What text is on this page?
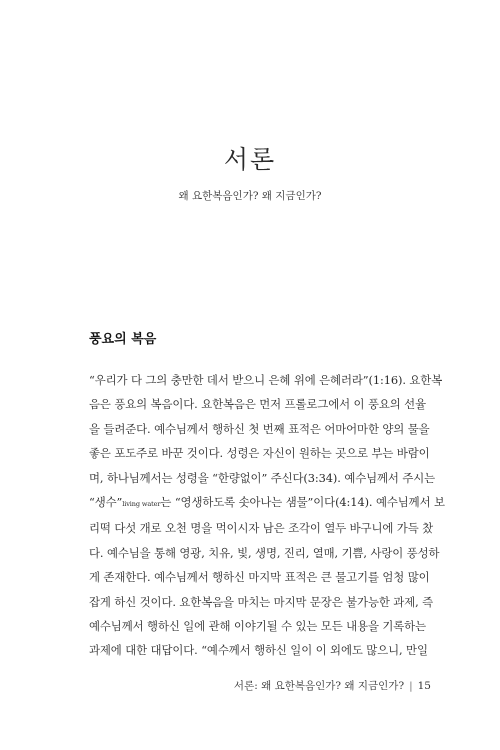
서론
왜 요한복음인가? 왜 지금인가?
풍요의 복음
“우리가 다 그의 충만한 데서 받으니 은혜 위에 은혜러라”(1:16). 요한복
음은 풍요의 복음이다. 요한복음은 먼저 프롤로그에서 이 풍요의 선율
을 들려준다. 예수님께서 행하신 첫 번째 표적은 어마어마한 양의 물을
좋은 포도주로 바꾼 것이다. 성령은 자신이 원하는 곳으로 부는 바람이
며, 하나님께서는 성령을 “한량없이” 주신다(3:34). 예수님께서 주시는
“생수”living water는 “영생하도록 솟아나는 샘물”이다(4:14). 예수님께서 보
리떡 다섯 개로 오천 명을 먹이시자 남은 조각이 열두 바구니에 가득 찼
다. 예수님을 통해 영광, 치유, 빛, 생명, 진리, 열매, 기쁨, 사랑이 풍성하
게 존재한다. 예수님께서 행하신 마지막 표적은 큰 물고기를 엄청 많이
잡게 하신 것이다. 요한복음을 마치는 마지막 문장은 불가능한 과제, 즉
예수님께서 행하신 일에 관해 이야기될 수 있는 모든 내용을 기록하는
과제에 대한 대답이다. “예수께서 행하신 일이 이 외에도 많으니, 만일
서론: 왜 요한복음인가? 왜 지금인가? | 15
